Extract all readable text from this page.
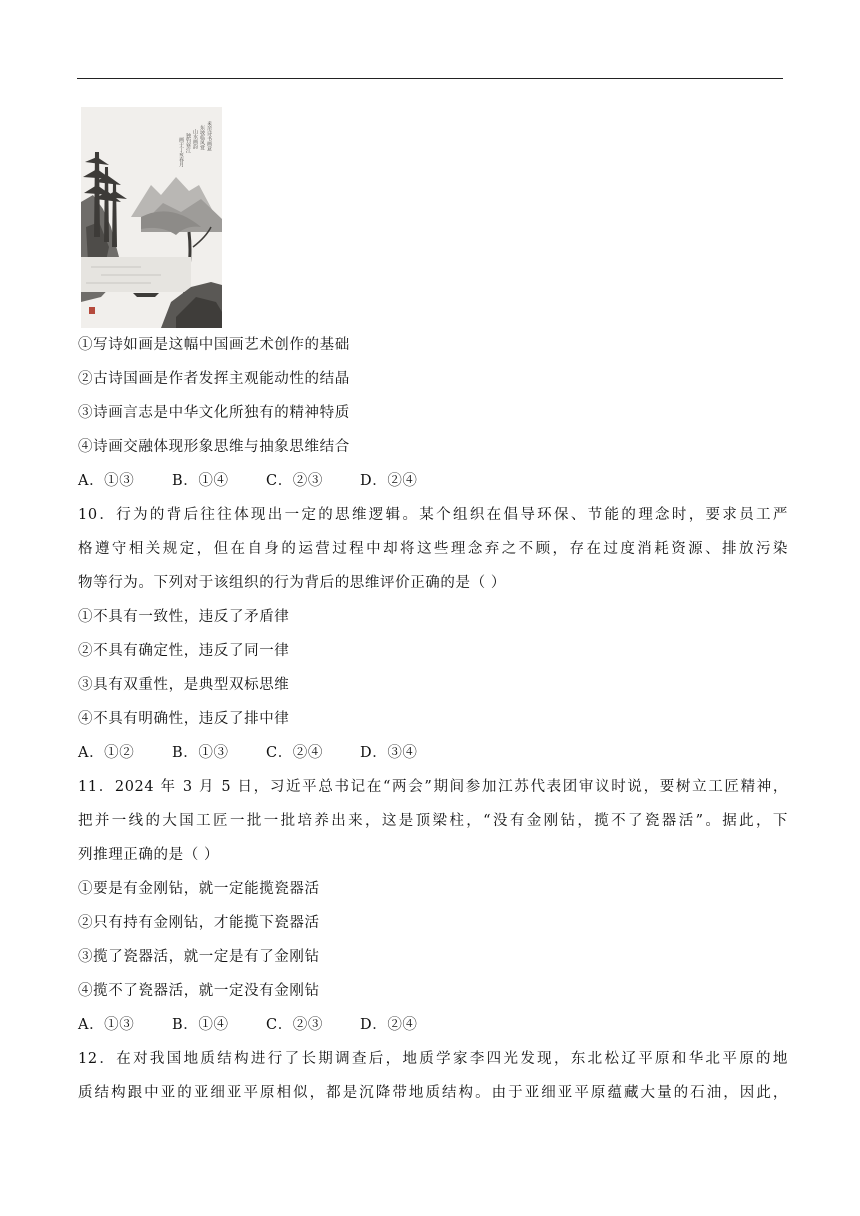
米芾诗书画意
东坡临风赏
山水画韵
独钓寒江
画于丁亥春月
①写诗如画是这幅中国画艺术创作的基础
②古诗国画是作者发挥主观能动性的结晶
③诗画言志是中华文化所独有的精神特质
④诗画交融体现形象思维与抽象思维结合
A．①③	B．①④	C．②③	D．②④
10．行为的背后往往体现出一定的思维逻辑。某个组织在倡导环保、节能的理念时，要求员工严
格遵守相关规定，但在自身的运营过程中却将这些理念弃之不顾，存在过度消耗资源、排放污染
物等行为。下列对于该组织的行为背后的思维评价正确的是（ ）
①不具有一致性，违反了矛盾律
②不具有确定性，违反了同一律
③具有双重性，是典型双标思维
④不具有明确性，违反了排中律
A．①②	B．①③	C．②④	D．③④
11．2024 年 3 月 5 日，习近平总书记在“两会”期间参加江苏代表团审议时说，要树立工匠精神，
把并一线的大国工匠一批一批培养出来，这是顶梁柱，“没有金刚钻，揽不了瓷器活”。据此，下
列推理正确的是（ ）
①要是有金刚钻，就一定能揽瓷器活
②只有持有金刚钻，才能揽下瓷器活
③揽了瓷器活，就一定是有了金刚钻
④揽不了瓷器活，就一定没有金刚钻
A．①③	B．①④	C．②③	D．②④
12．在对我国地质结构进行了长期调查后，地质学家李四光发现，东北松辽平原和华北平原的地
质结构跟中亚的亚细亚平原相似，都是沉降带地质结构。由于亚细亚平原蕴藏大量的石油，因此，
